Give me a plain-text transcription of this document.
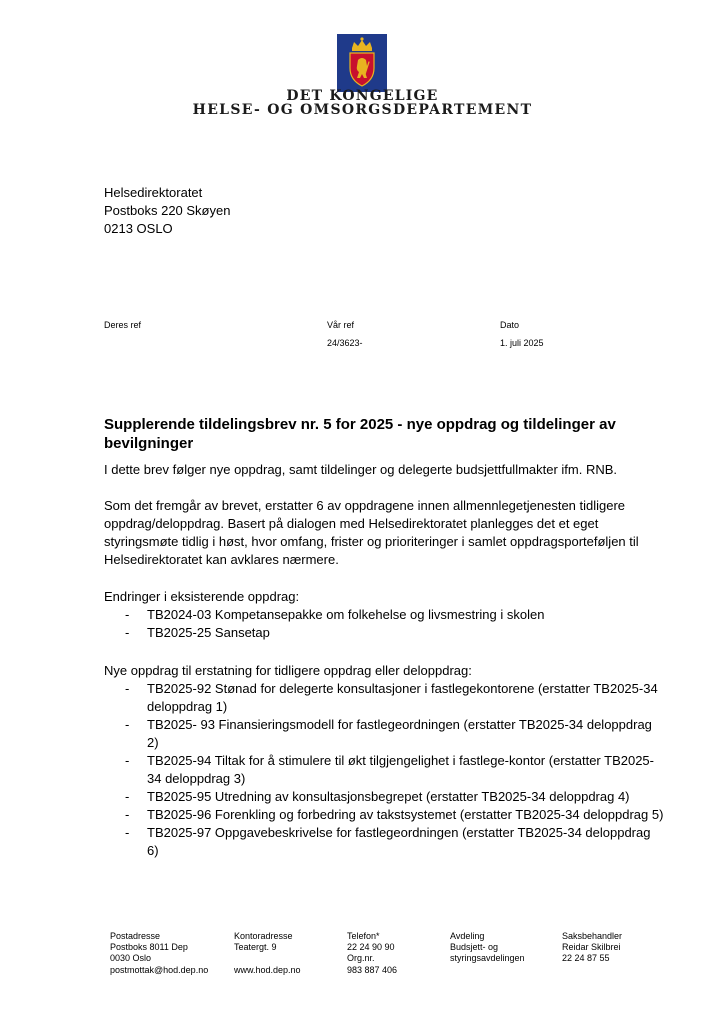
DET KONGELIGE
HELSE- OG OMSORGSDEPARTEMENT
Helsedirektoratet
Postboks 220 Skøyen
0213 OSLO
Deres ref	Vår ref
24/3623-
Dato
1. juli 2025
Supplerende tildelingsbrev nr. 5 for 2025 - nye oppdrag og tildelinger av bevilgninger
I dette brev følger nye oppdrag, samt tildelinger og delegerte budsjettfullmakter ifm. RNB.
Som det fremgår av brevet, erstatter 6 av oppdragene innen allmennlegetjenesten tidligere oppdrag/deloppdrag. Basert på dialogen med Helsedirektoratet planlegges det et eget styringsmøte tidlig i høst, hvor omfang, frister og prioriteringer i samlet oppdragsporteføljen til Helsedirektoratet kan avklares nærmere.

Endringer i eksisterende oppdrag:

- TB2024-03 Kompetansepakke om folkehelse og livsmestring i skolen
- TB2025-25 Sansetap

Nye oppdrag til erstatning for tidligere oppdrag eller deloppdrag:

- TB2025-92 Stønad for delegerte konsultasjoner i fastlegekontorene (erstatter TB2025-34 deloppdrag 1)
- TB2025- 93 Finansieringsmodell for fastlegeordningen (erstatter TB2025-34 deloppdrag 2)
- TB2025-94 Tiltak for å stimulere til økt tilgjengelighet i fastlege-kontor (erstatter TB2025-34 deloppdrag 3)
- TB2025-95 Utredning av konsultasjonsbegrepet (erstatter TB2025-34 deloppdrag 4)
- TB2025-96 Forenkling og forbedring av takstsystemet (erstatter TB2025-34 deloppdrag 5)
- TB2025-97 Oppgavebeskrivelse for fastlegeordningen (erstatter TB2025-34 deloppdrag 6)
Postadresse
Postboks 8011 Dep
0030 Oslo
postmottak@hod.dep.no
Kontoradresse
Teatergt. 9
www.hod.dep.no
Telefon*
22 24 90 90
Org.nr.
983 887 406
Avdeling
Budsjett- og
styringsavdelingen
Saksbehandler
Reidar Skilbrei
22 24 87 55
